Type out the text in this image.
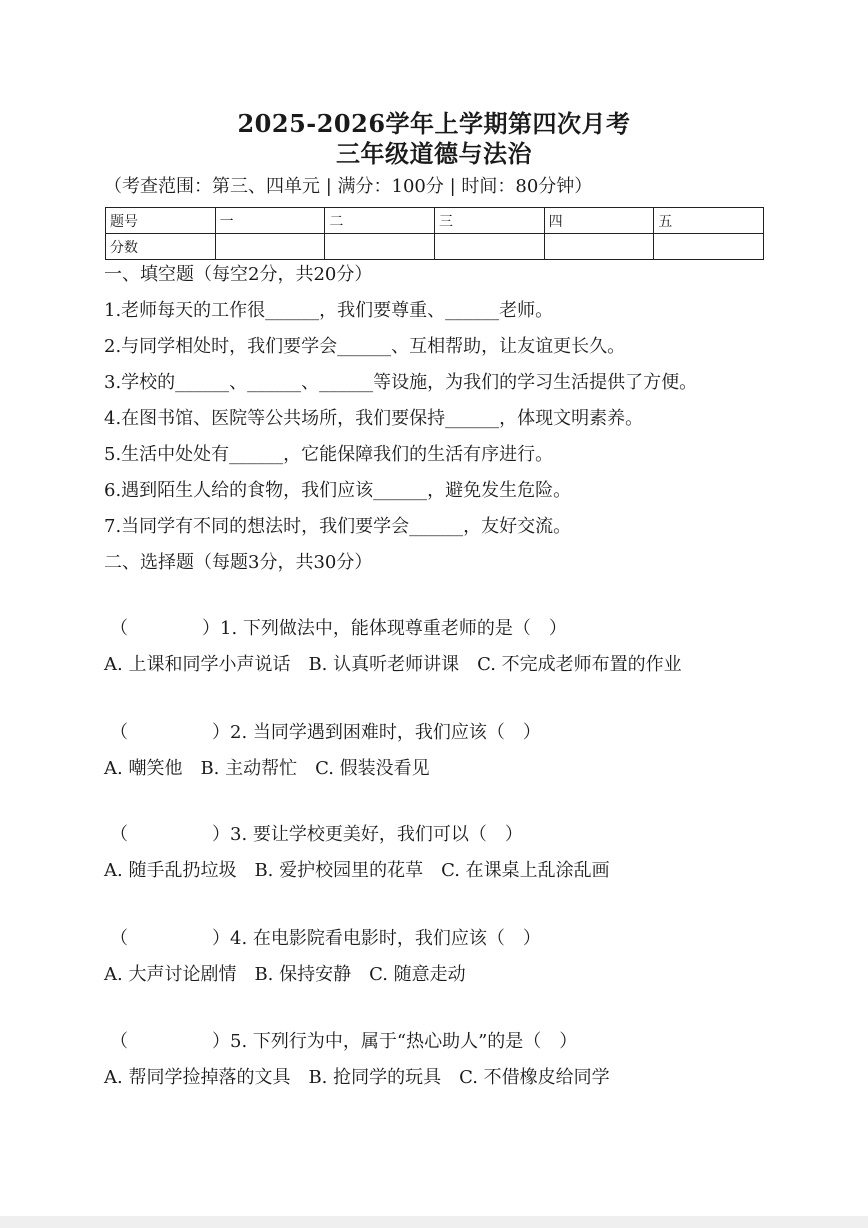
2025-2026学年上学期第四次月考
三年级道德与法治
（考查范围：第三、四单元 | 满分：100分 | 时间：80分钟）
题号	一	二	三	四	五
分数					
一、填空题（每空2分，共20分）
1.老师每天的工作很______，我们要尊重、______老师。
2.与同学相处时，我们要学会______、互相帮助，让友谊更长久。
3.学校的______、______、______等设施，为我们的学习生活提供了方便。
4.在图书馆、医院等公共场所，我们要保持______，体现文明素养。
5.生活中处处有______，它能保障我们的生活有序进行。
6.遇到陌生人给的食物，我们应该______，避免发生危险。
7.当同学有不同的想法时，我们要学会______，友好交流。
二、选择题（每题3分，共30分）
（	）1. 下列做法中，能体现尊重老师的是（　）
A. 上课和同学小声说话　B. 认真听老师讲课　C. 不完成老师布置的作业
（	）2. 当同学遇到困难时，我们应该（　）
A. 嘲笑他　B. 主动帮忙　C. 假装没看见
（	）3. 要让学校更美好，我们可以（　）
A. 随手乱扔垃圾　B. 爱护校园里的花草　C. 在课桌上乱涂乱画
（	）4. 在电影院看电影时，我们应该（　）
A. 大声讨论剧情　B. 保持安静　C. 随意走动
（	）5. 下列行为中，属于“热心助人”的是（　）
A. 帮同学捡掉落的文具　B. 抢同学的玩具　C. 不借橡皮给同学
